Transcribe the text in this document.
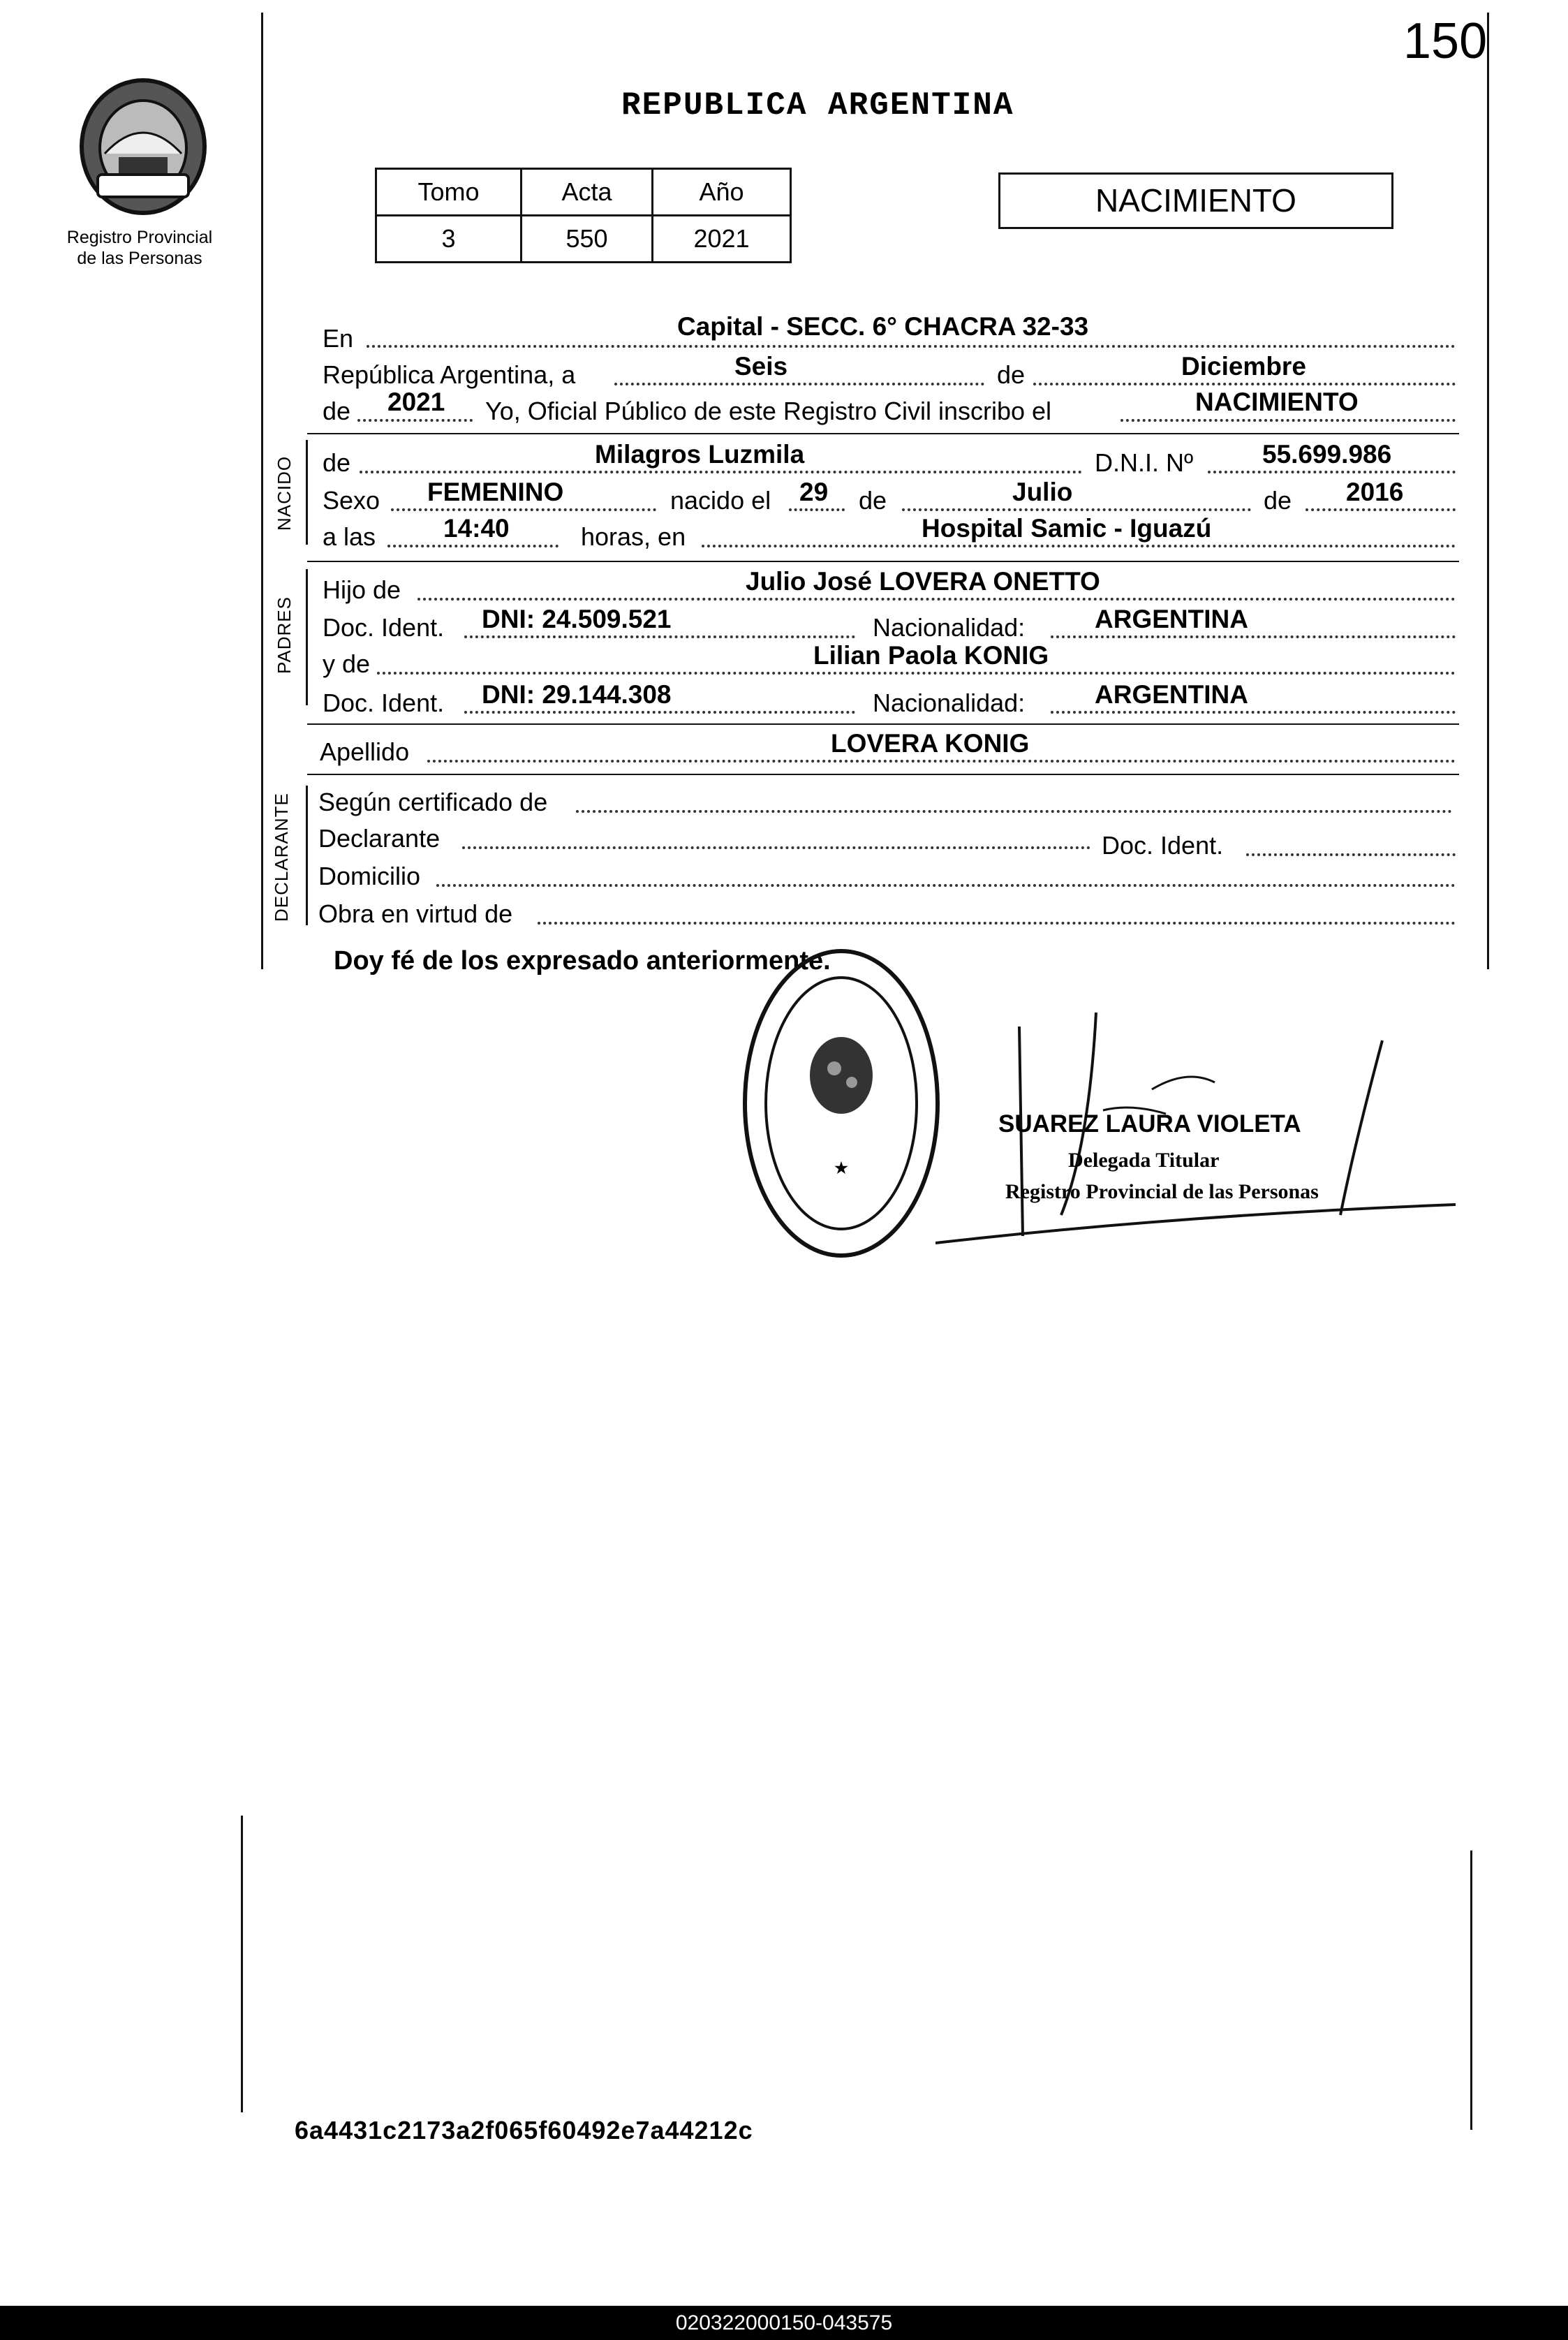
150
Registro Provincial
de las Personas
REPUBLICA ARGENTINA
Tomo	Acta	Año
3	550	2021
NACIMIENTO
En	Capital - SECC. 6° CHACRA 32-33
República Argentina, a	Seis	de	Diciembre
de 2021 Yo, Oficial Público de este Registro Civil inscribo el	NACIMIENTO
NACIDO de	Milagros Luzmila	D.N.I. Nº	55.699.986
Sexo FEMENINO	nacido el 29 de	Julio	de 2016
a las	14:40	horas, en	Hospital Samic - Iguazú
PADRES
Hijo de	Julio José LOVERA ONETTO
Doc. Ident. DNI: 24.509.521	Nacionalidad:	ARGENTINA
y de	Lilian Paola KONIG
Doc. Ident. DNI: 29.144.308	Nacionalidad:	ARGENTINA
Apellido	LOVERA KONIG
DECLARANTE Según certificado de
Declarante	Doc. Ident.
Domicilio
Obra en virtud de
Doy fé de los expresado anteriormente.
★
SUAREZ LAURA VIOLETA
Delegada Titular
Registro Provincial de las Personas
6a4431c2173a2f065f60492e7a44212c
020322000150-043575
